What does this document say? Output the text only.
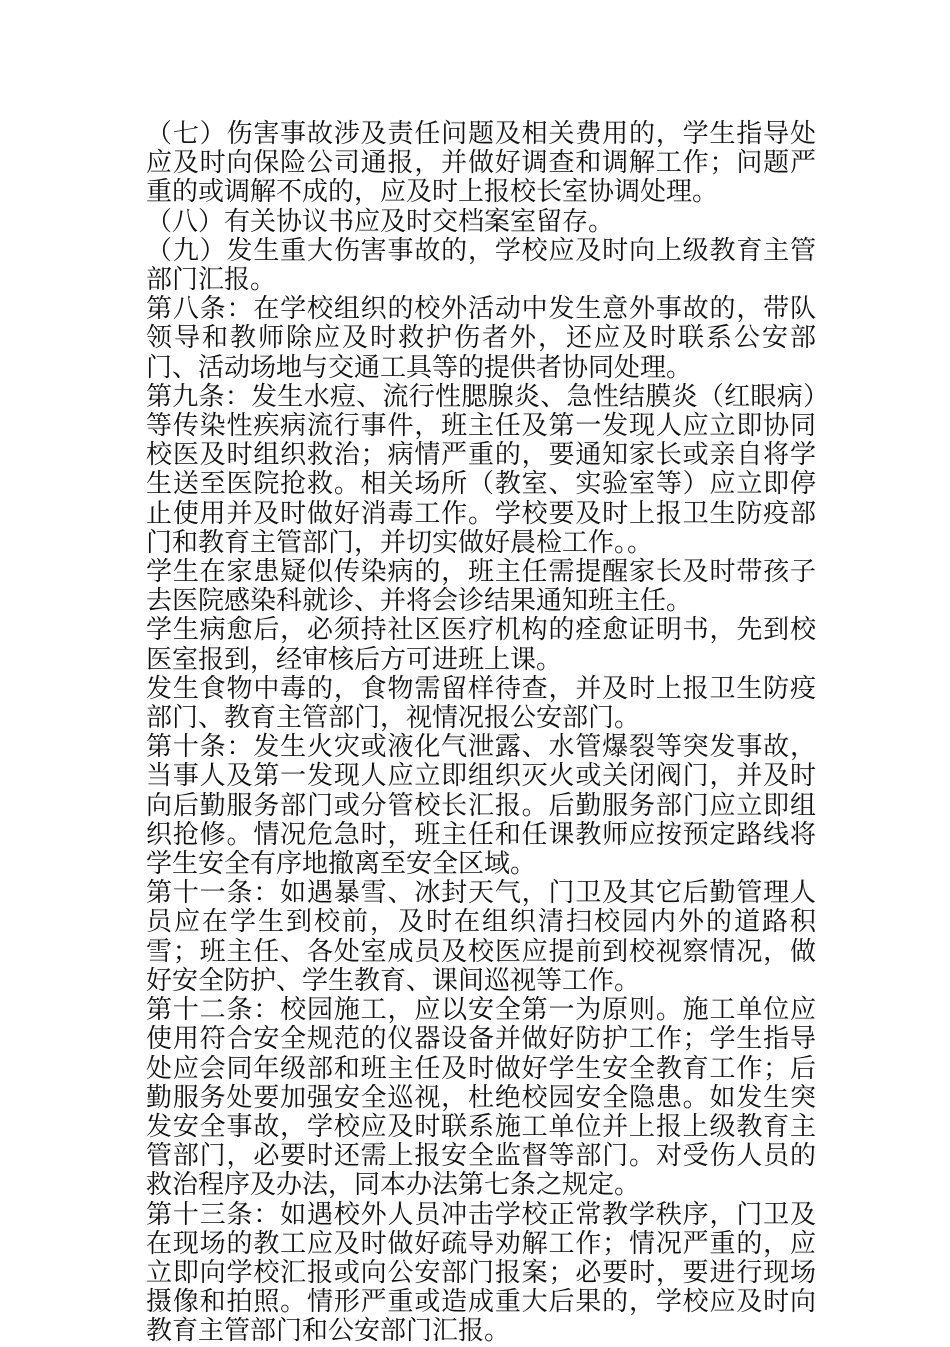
（七）伤害事故涉及责任问题及相关费用的，学生指导处应及时向保险公司通报，并做好调查和调解工作；问题严重的或调解不成的，应及时上报校长室协调处理。

（八）有关协议书应及时交档案室留存。

（九）发生重大伤害事故的，学校应及时向上级教育主管部门汇报。

第八条：在学校组织的校外活动中发生意外事故的，带队领导和教师除应及时救护伤者外，还应及时联系公安部门、活动场地与交通工具等的提供者协同处理。

第九条：发生水痘、流行性腮腺炎、急性结膜炎（红眼病）等传染性疾病流行事件，班主任及第一发现人应立即协同校医及时组织救治；病情严重的，要通知家长或亲自将学生送至医院抢救。相关场所（教室、实验室等）应立即停止使用并及时做好消毒工作。学校要及时上报卫生防疫部门和教育主管部门，并切实做好晨检工作。。

学生在家患疑似传染病的，班主任需提醒家长及时带孩子去医院感染科就诊、并将会诊结果通知班主任。

学生病愈后，必须持社区医疗机构的痊愈证明书，先到校医室报到，经审核后方可进班上课。

发生食物中毒的，食物需留样待查，并及时上报卫生防疫部门、教育主管部门，视情况报公安部门。

第十条：发生火灾或液化气泄露、水管爆裂等突发事故，当事人及第一发现人应立即组织灭火或关闭阀门，并及时向后勤服务部门或分管校长汇报。后勤服务部门应立即组织抢修。情况危急时，班主任和任课教师应按预定路线将学生安全有序地撤离至安全区域。

第十一条：如遇暴雪、冰封天气，门卫及其它后勤管理人员应在学生到校前，及时在组织清扫校园内外的道路积雪；班主任、各处室成员及校医应提前到校视察情况，做好安全防护、学生教育、课间巡视等工作。

第十二条：校园施工，应以安全第一为原则。施工单位应使用符合安全规范的仪器设备并做好防护工作；学生指导处应会同年级部和班主任及时做好学生安全教育工作；后勤服务处要加强安全巡视，杜绝校园安全隐患。如发生突发安全事故，学校应及时联系施工单位并上报上级教育主管部门，必要时还需上报安全监督等部门。对受伤人员的救治程序及办法，同本办法第七条之规定。

第十三条：如遇校外人员冲击学校正常教学秩序，门卫及在现场的教工应及时做好疏导劝解工作；情况严重的，应立即向学校汇报或向公安部门报案；必要时，要进行现场摄像和拍照。情形严重或造成重大后果的，学校应及时向教育主管部门和公安部门汇报。
